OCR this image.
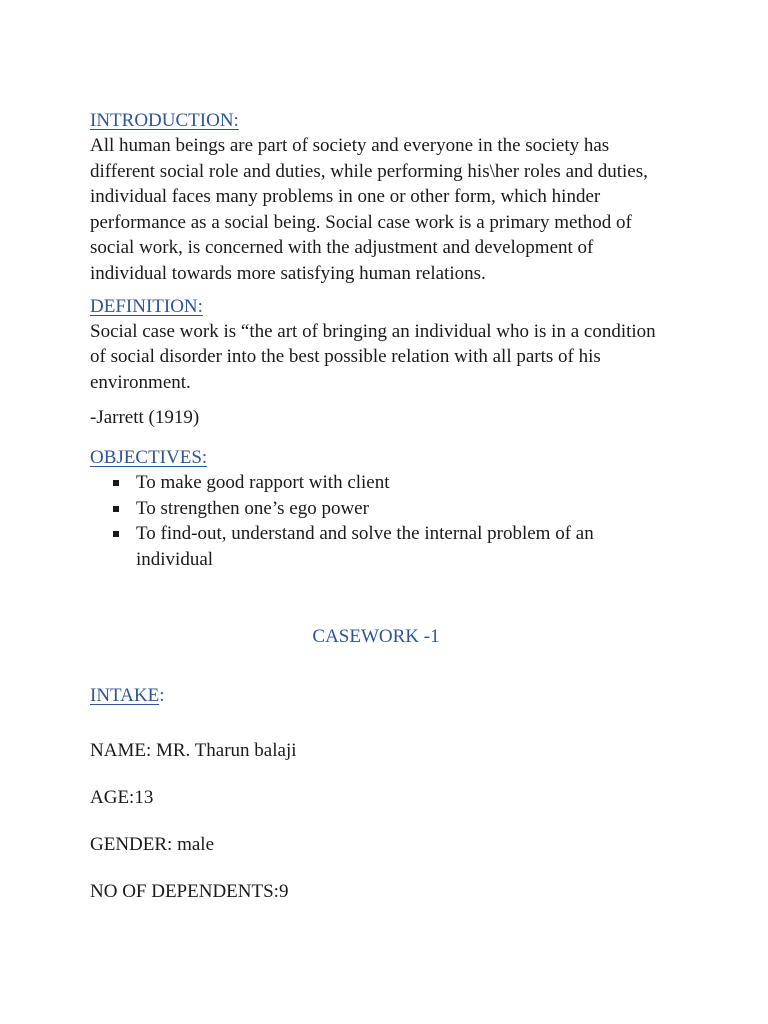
INTRODUCTION:

All human beings are part of society and everyone in the society has different social role and duties, while performing his\her roles and duties, individual faces many problems in one or other form, which hinder performance as a social being. Social case work is a primary method of social work, is concerned with the adjustment and development of individual towards more satisfying human relations.

DEFINITION:

Social case work is “the art of bringing an individual who is in a condition of social disorder into the best possible relation with all parts of his environment.

-Jarrett (1919)

OBJECTIVES:

To make good rapport with client
To strengthen one’s ego power
To find-out, understand and solve the internal problem of an individual

CASEWORK -1

INTAKE:

NAME: MR. Tharun balaji

AGE:13

GENDER: male

NO OF DEPENDENTS:9
